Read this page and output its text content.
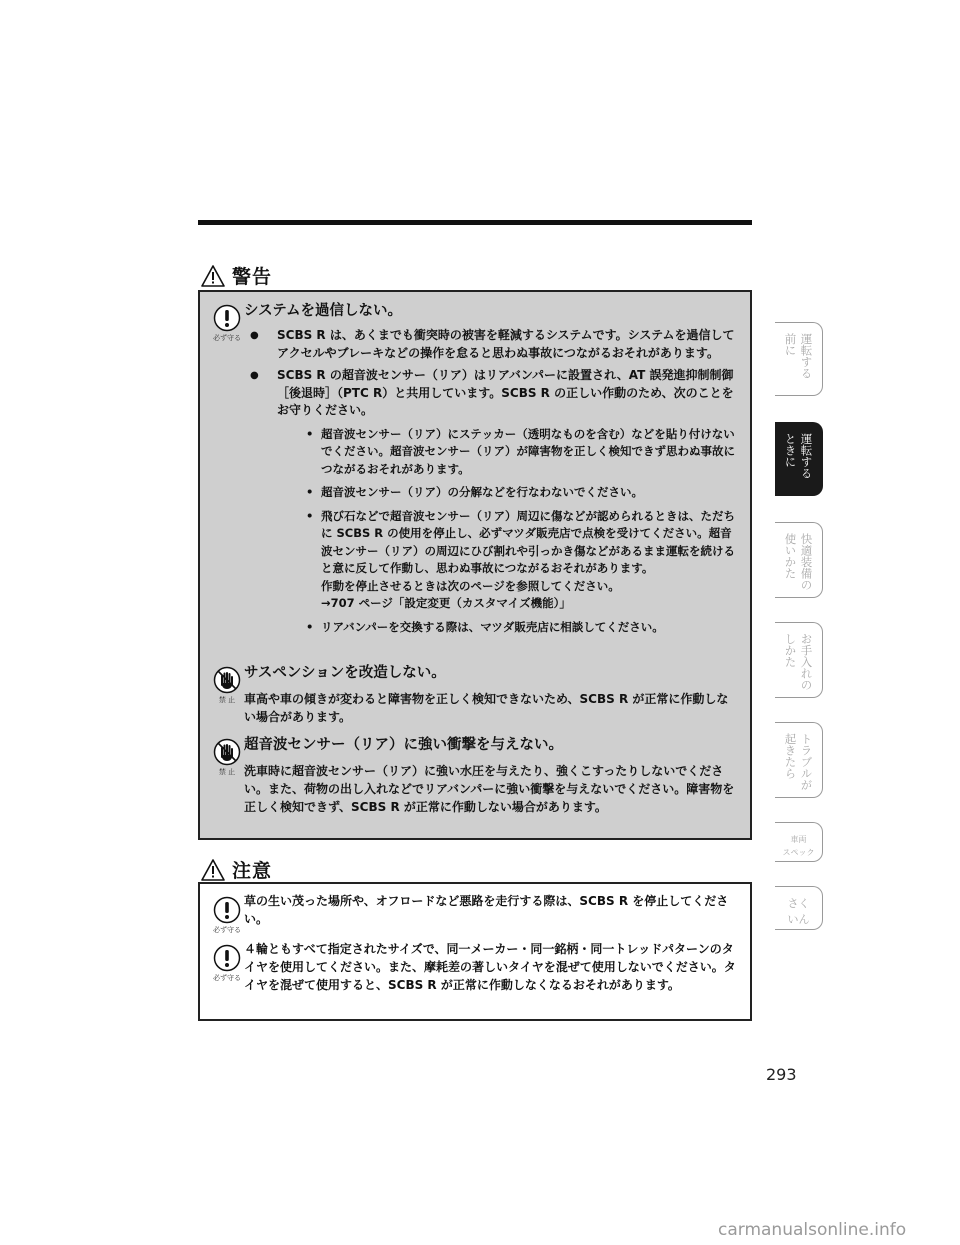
警告
必ず守る
システムを過信しない。
● SCBS R は、あくまでも衝突時の被害を軽減するシステムです。システムを過信してアクセルやブレーキなどの操作を怠ると思わぬ事故につながるおそれがあります。
● SCBS R の超音波センサー（リア）はリアバンパーに設置され、AT 誤発進抑制制御［後退時］（PTC R）と共用しています。SCBS R の正しい作動のため、次のことをお守りください。
• 超音波センサー（リア）にステッカー（透明なものを含む）などを貼り付けないでください。超音波センサー（リア）が障害物を正しく検知できず思わぬ事故につながるおそれがあります。
• 超音波センサー（リア）の分解などを行なわないでください。
• 飛び石などで超音波センサー（リア）周辺に傷などが認められるときは、ただちに SCBS R の使用を停止し、必ずマツダ販売店で点検を受けてください。超音波センサー（リア）の周辺にひび割れや引っかき傷などがあるまま運転を続けると意に反して作動し、思わぬ事故につながるおそれがあります。
作動を停止させるときは次のページを参照してください。
→707 ページ「設定変更（カスタマイズ機能）」
• リアバンパーを交換する際は、マツダ販売店に相談してください。
禁 止
サスペンションを改造しない。
車高や車の傾きが変わると障害物を正しく検知できないため、SCBS R が正常に作動しない場合があります。
禁 止
超音波センサー（リア）に強い衝撃を与えない。
洗車時に超音波センサー（リア）に強い水圧を与えたり、強くこすったりしないでください。また、荷物の出し入れなどでリアバンパーに強い衝撃を与えないでください。障害物を正しく検知できず、SCBS R が正常に作動しない場合があります。
注意
必ず守る
草の生い茂った場所や、オフロードなど悪路を走行する際は、SCBS R を停止してください。
必ず守る
４輪ともすべて指定されたサイズで、同一メーカー・同一銘柄・同一トレッドパターンのタイヤを使用してください。また、摩耗差の著しいタイヤを混ぜて使用しないでください。タイヤを混ぜて使用すると、SCBS R が正常に作動しなくなるおそれがあります。
運転する
前に
運転する
ときに
快適装備の
使いかた
お手入れの
しかた
トラブルが
起きたら
車両
スペック
さく
いん
293
carmanualsonline.info
